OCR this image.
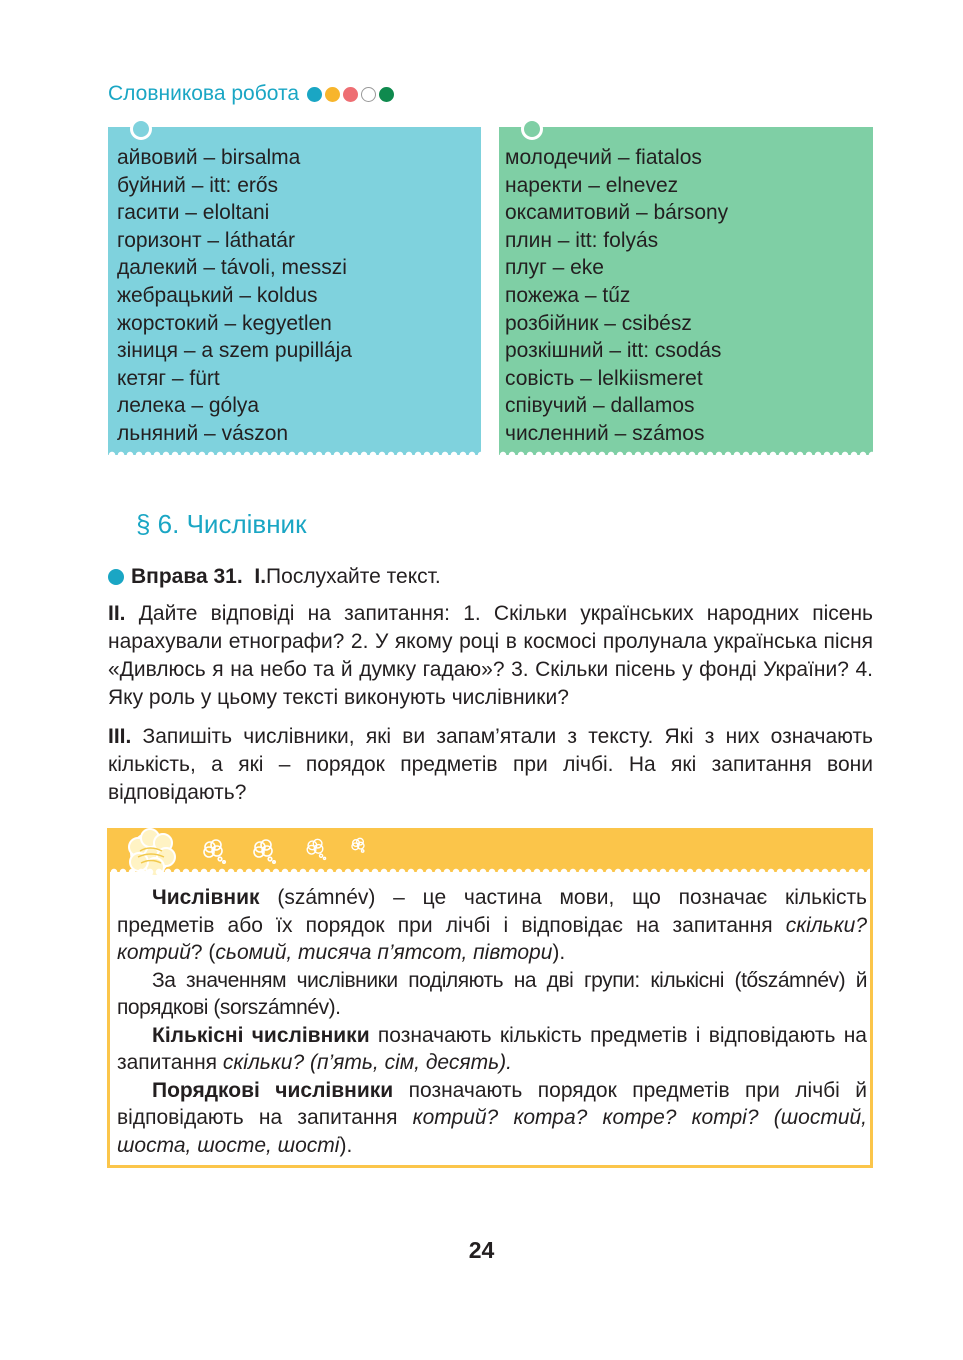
Словникова робота
айвовий – birsalma
буйний – itt: erős
гасити – eloltani
горизонт – láthatár
далекий – távoli, messzi
жебрацький – koldus
жорстокий – kegyetlen
зіниця – a szem pupillája
кетяг – fürt
лелека – gólya
льняний – vászon
молодечий – fiatalos
наректи – elnevez
оксамитовий – bársony
плин – itt: folyás
плуг – eke
пожежа – tűz
розбійник – csibész
розкішний – itt: csodás
совість – lelkiismeret
співучий – dallamos
численний – számos
§ 6. Числівник
Вправа 31.
I. Послухайте текст.
II. Дайте відповіді на запитання: 1. Скільки українських народних пісень нарахували етнографи? 2. У якому році в космосі пролунала українська пісня «Дивлюсь я на небо та й думку гадаю»? 3. Скільки пісень у фонді України? 4. Яку роль у цьому тексті виконують числівники?
III. Запишіть числівники, які ви запам’ятали з тексту. Які з них означають кількість, а які – порядок предметів при лічбі. На які запитання вони відповідають?

Числівник (számnév) – це частина мови, що позначає кількість предметів або їх порядок при лічбі і відповідає на запитання скільки? котрий? (сьомий, тисяча п’ятсот, півтори).

За значенням числівники поділяють на дві групи: кількісні (tőszámnév) й порядкові (sorszámnév).

Кількісні числівники позначають кількість предметів і відповідають на запитання скільки? (п’ять, сім, десять).

Порядкові числівники позначають порядок предметів при лічбі й відповідають на запитання котрий? котра? котре? котрі? (шостий, шоста, шосте, шості).

24
